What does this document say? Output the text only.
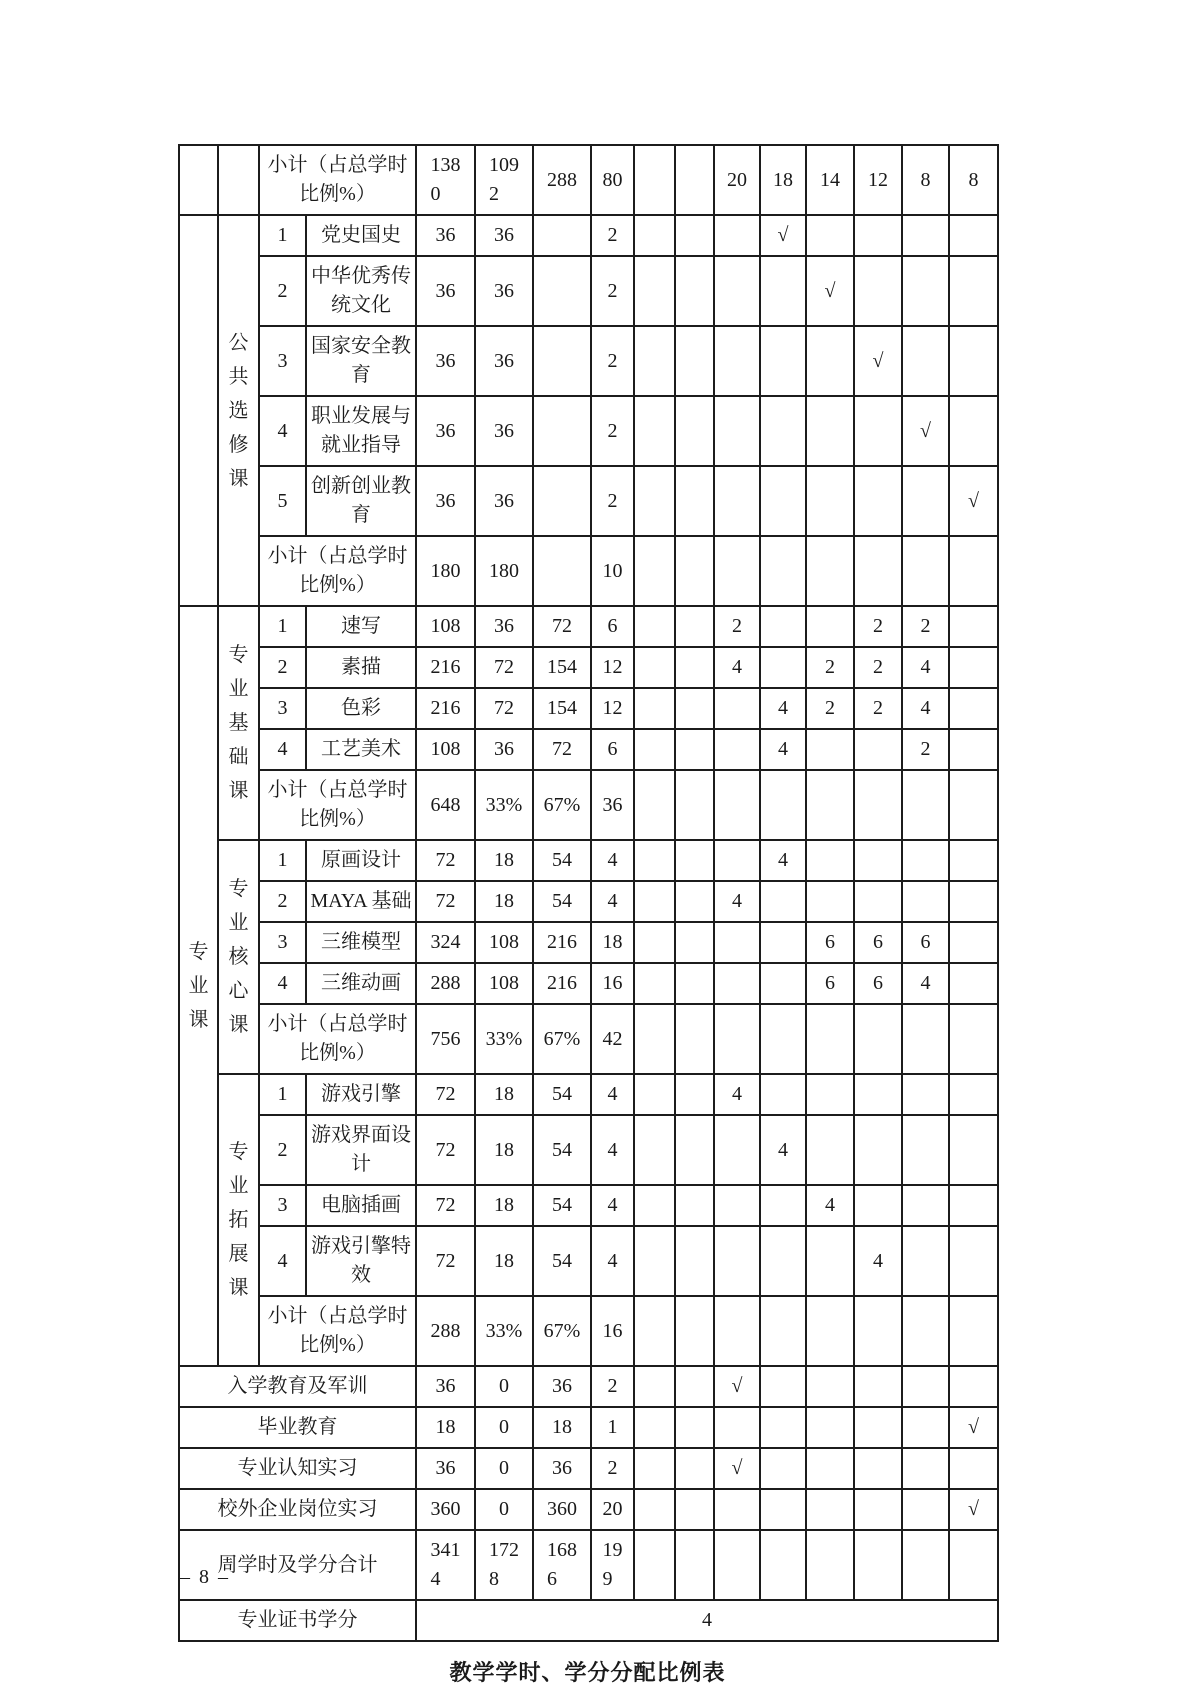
		小计（占总学时比例%）		1380	1092	288	80			20	18	14	12	8	8
	公共选修课	1	党史国史	36	36		2				√				
		2	中华优秀传统文化	36	36		2					√			
		3	国家安全教育	36	36		2						√		
		4	职业发展与就业指导	36	36		2							√	
		5	创新创业教育	36	36		2								√
		小计（占总学时比例%）		180	180		10								
专业课	专业基础课	1	速写	108	36	72	6			2			2	2	
		2	素描	216	72	154	12			4		2	2	4	
		3	色彩	216	72	154	12				4	2	2	4	
		4	工艺美术	108	36	72	6				4			2	
		小计（占总学时比例%）		648	33%	67%	36								
	专业核心课	1	原画设计	72	18	54	4				4				
		2	MAYA 基础	72	18	54	4			4					
		3	三维模型	324	108	216	18					6	6	6	
		4	三维动画	288	108	216	16					6	6	4	
		小计（占总学时比例%）		756	33%	67%	42								
	专业拓展课	1	游戏引擎	72	18	54	4			4					
		2	游戏界面设计	72	18	54	4				4				
		3	电脑插画	72	18	54	4					4			
		4	游戏引擎特效	72	18	54	4						4		
		小计（占总学时比例%）		288	33%	67%	16								
入学教育及军训				36	0	36	2			√					
毕业教育				18	0	18	1								√
专业认知实习				36	0	36	2			√					
校外企业岗位实习				360	0	360	20								√
周学时及学分合计				3414	1728	1686	199								
专业证书学分				4											
教学学时、学分分配比例表
– 8 –
